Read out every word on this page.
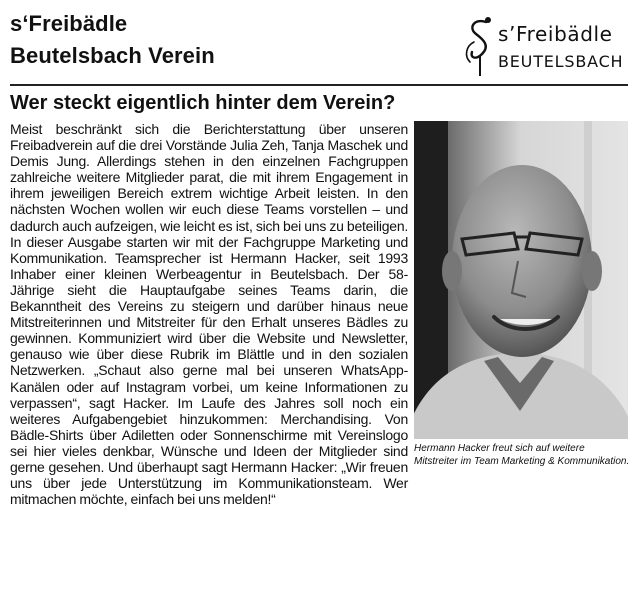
s‘Freibädle
Beutelsbach Verein
s’Freibädle
BEUTELSBACH
Wer steckt eigentlich hinter dem Verein?

Meist beschränkt sich die Berichterstattung über unseren Freibadverein auf die drei Vorstände Julia Zeh, Tanja Maschek und Demis Jung. Allerdings stehen in den einzelnen Fachgruppen zahlreiche weitere Mitglieder parat, die mit ihrem Engagement in ihrem jeweiligen Bereich extrem wichtige Arbeit leisten. In den nächsten Wochen wollen wir euch diese Teams vorstellen – und dadurch auch aufzeigen, wie leicht es ist, sich bei uns zu beteiligen. In dieser Ausgabe starten wir mit der Fachgruppe Marketing und Kommunikation. Teamsprecher ist Hermann Hacker, seit 1993 Inhaber einer kleinen Werbeagentur in Beutelsbach. Der 58-Jährige sieht die Hauptaufgabe seines Teams darin, die Bekanntheit des Vereins zu steigern und darüber hinaus neue Mitstreiterinnen und Mitstreiter für den Erhalt unseres Bädles zu gewinnen. Kommuniziert wird über die Website und Newsletter, genauso wie über diese Rubrik im Blättle und in den sozialen Netzwerken. „Schaut also gerne mal bei unseren WhatsApp-Kanälen oder auf Instagram vorbei, um keine Informationen zu verpassen“, sagt Hacker. Im Laufe des Jahres soll noch ein weiteres Aufgabengebiet hinzukommen: Merchandising. Von Bädle-Shirts über Adiletten oder Sonnenschirme mit Vereinslogo sei hier vieles denkbar, Wünsche und Ideen der Mitglieder sind gerne gesehen. Und überhaupt sagt Hermann Hacker: „Wir freuen uns über jede Unterstützung im Kommunikationsteam. Wer mitmachen möchte, einfach bei uns melden!“

Hermann Hacker freut sich auf weitere Mitstreiter im Team Marketing & Kommunikation.
